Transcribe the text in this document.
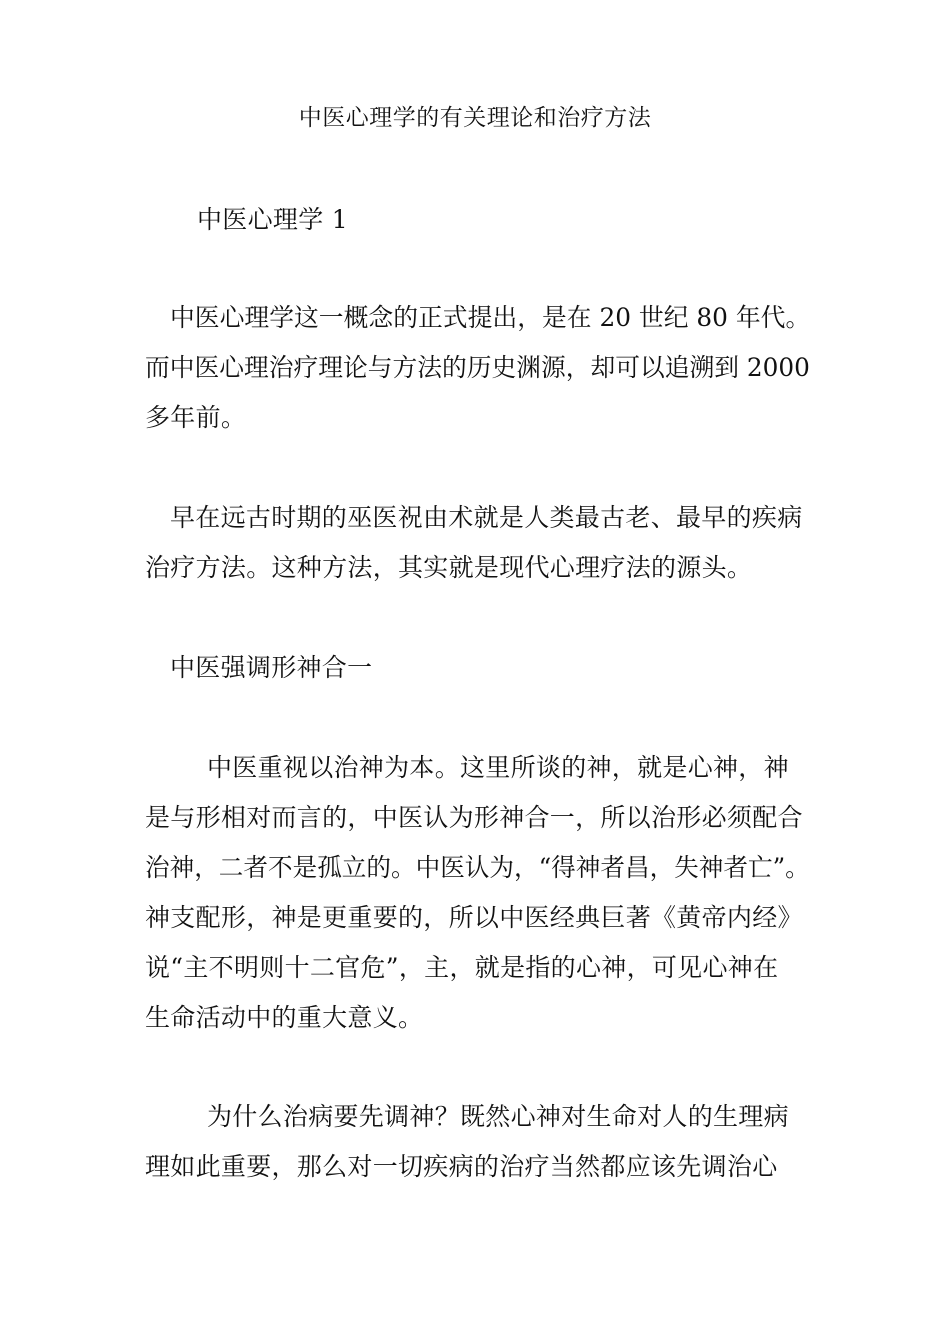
中医心理学的有关理论和治疗方法
中医心理学 1
中医心理学这一概念的正式提出，是在 20 世纪 80 年代。
而中医心理治疗理论与方法的历史渊源，却可以追溯到 2000
多年前。
早在远古时期的巫医祝由术就是人类最古老、最早的疾病
治疗方法。这种方法，其实就是现代心理疗法的源头。
中医强调形神合一
中医重视以治神为本。这里所谈的神，就是心神，神
是与形相对而言的，中医认为形神合一，所以治形必须配合
治神，二者不是孤立的。中医认为，“得神者昌，失神者亡”。
神支配形，神是更重要的，所以中医经典巨著《黄帝内经》
说“主不明则十二官危”，主，就是指的心神，可见心神在
生命活动中的重大意义。
为什么治病要先调神？既然心神对生命对人的生理病
理如此重要，那么对一切疾病的治疗当然都应该先调治心
